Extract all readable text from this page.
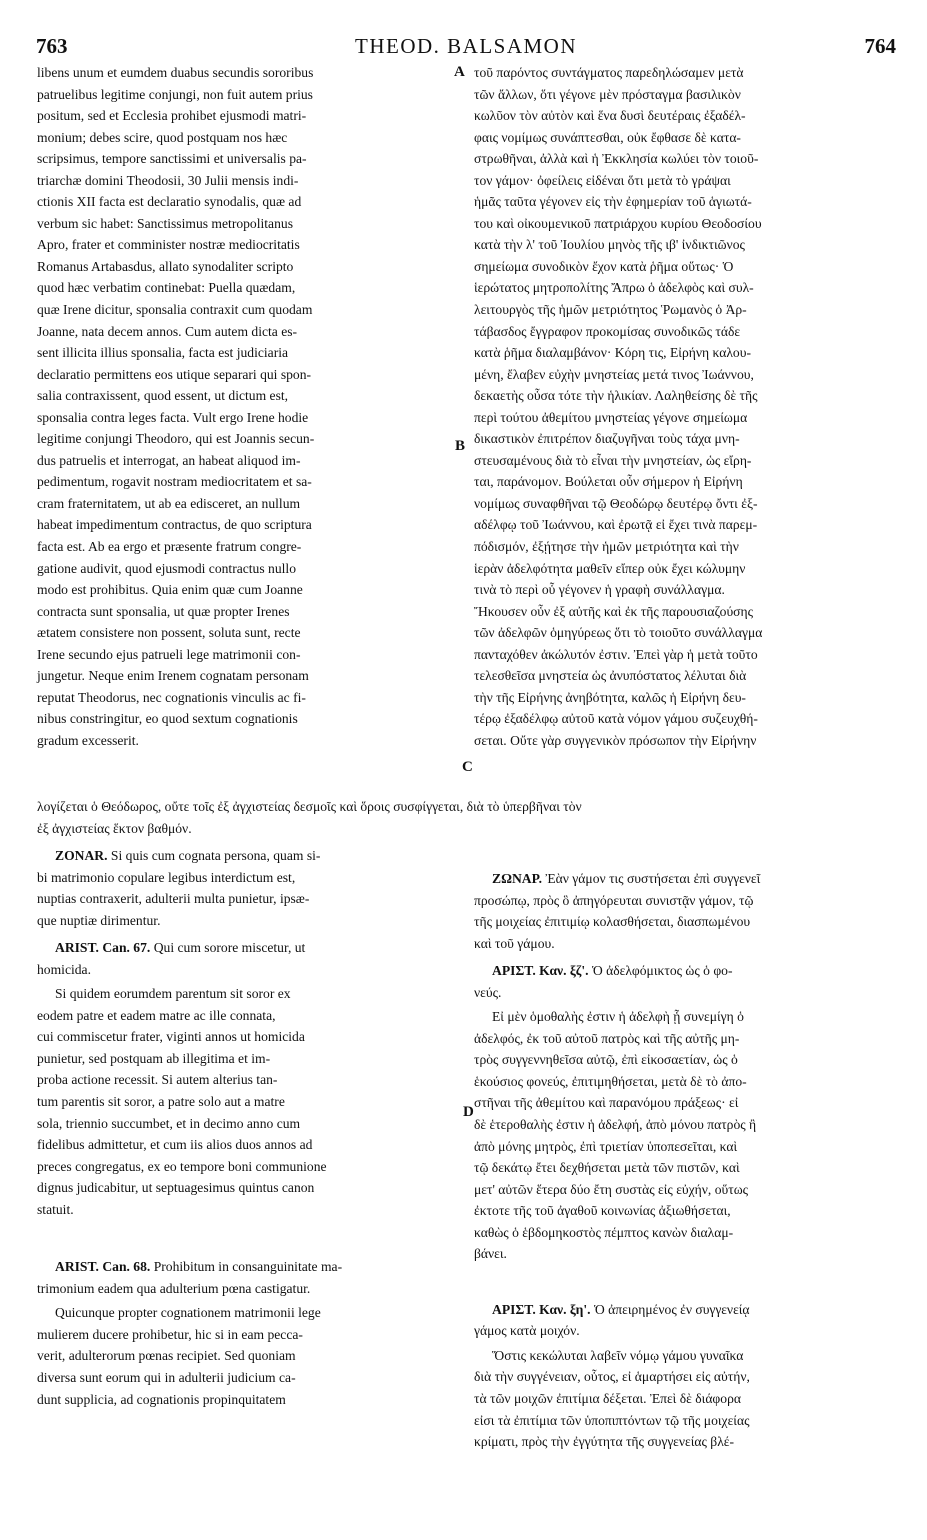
763	THEOD. BALSAMON	764
A
B
C
D

libens unum et eumdem duabus secundis sororibus
patruelibus legitime conjungi, non fuit autem prius
positum, sed et Ecclesia prohibet ejusmodi matri-
monium; debes scire, quod postquam nos hæc
scripsimus, tempore sanctissimi et universalis pa-
triarchæ domini Theodosii, 30 Julii mensis indi-
ctionis XII facta est declaratio synodalis, quæ ad
verbum sic habet: Sanctissimus metropolitanus
Apro, frater et comminister nostræ mediocritatis
Romanus Artabasdus, allato synodaliter scripto
quod hæc verbatim continebat: Puella quædam,
quæ Irene dicitur, sponsalia contraxit cum quodam
Joanne, nata decem annos. Cum autem dicta es-
sent illicita illius sponsalia, facta est judiciaria
declaratio permittens eos utique separari qui spon-
salia contraxissent, quod essent, ut dictum est,
sponsalia contra leges facta. Vult ergo Irene hodie
legitime conjungi Theodoro, qui est Joannis secun-
dus patruelis et interrogat, an habeat aliquod im-
pedimentum, rogavit nostram mediocritatem et sa-
cram fraternitatem, ut ab ea edisceret, an nullum
habeat impedimentum contractus, de quo scriptura
facta est. Ab ea ergo et præsente fratrum congre-
gatione audivit, quod ejusmodi contractus nullo
modo est prohibitus. Quia enim quæ cum Joanne
contracta sunt sponsalia, ut quæ propter Irenes
ætatem consistere non possent, soluta sunt, recte
Irene secundo ejus patrueli lege matrimonii con-
jungetur. Neque enim Irenem cognatam personam
reputat Theodorus, nec cognationis vinculis ac fi-
nibus constringitur, eo quod sextum cognationis
gradum excesserit.

τοῦ παρόντος συντάγματος παρεδηλώσαμεν μετὰ
τῶν ἄλλων, ὅτι γέγονε μὲν πρόσταγμα βασιλικὸν
κωλῦον τὸν αὐτὸν καὶ ἕνα δυσὶ δευτέραις ἐξαδέλ-
φαις νομίμως συνάπτεσθαι, οὐκ ἔφθασε δὲ κατα-
στρωθῆναι, ἀλλὰ καὶ ἡ Ἐκκλησία κωλύει τὸν τοιοῦ-
τον γάμον· ὀφείλεις εἰδέναι ὅτι μετὰ τὸ γράψαι
ἡμᾶς ταῦτα γέγονεν εἰς τὴν ἐφημερίαν τοῦ ἁγιωτά-
του καὶ οἰκουμενικοῦ πατριάρχου κυρίου Θεοδοσίου
κατὰ τὴν λ' τοῦ Ἰουλίου μηνὸς τῆς ιβ' ἰνδικτιῶνος
σημείωμα συνοδικὸν ἔχον κατὰ ῥῆμα οὕτως· Ὁ
ἱερώτατος μητροπολίτης Ἄπρω ὁ ἀδελφὸς καὶ συλ-
λειτουργὸς τῆς ἡμῶν μετριότητος Ῥωμανὸς ὁ Ἀρ-
τάβασδος ἔγγραφον προκομίσας συνοδικῶς τάδε
κατὰ ῥῆμα διαλαμβάνον· Κόρη τις, Εἰρήνη καλου-
μένη, ἔλαβεν εὐχὴν μνηστείας μετά τινος Ἰωάννου,
δεκαετὴς οὖσα τότε τὴν ἡλικίαν. Λαληθείσης δὲ τῆς
περὶ τούτου ἀθεμίτου μνηστείας γέγονε σημείωμα
δικαστικὸν ἐπιτρέπον διαζυγῆναι τοὺς τάχα μνη-
στευσαμένους διὰ τὸ εἶναι τὴν μνηστείαν, ὡς εἴρη-
ται, παράνομον. Βούλεται οὖν σήμερον ἡ Εἰρήνη
νομίμως συναφθῆναι τῷ Θεοδώρῳ δευτέρῳ ὄντι ἐξ-
αδέλφῳ τοῦ Ἰωάννου, καὶ ἐρωτᾷ εἰ ἔχει τινὰ παρεμ-
πόδισμόν, ἐξῄτησε τὴν ἡμῶν μετριότητα καὶ τὴν
ἱερὰν ἀδελφότητα μαθεῖν εἴπερ οὐκ ἔχει κώλυμην
τινὰ τὸ περὶ οὗ γέγονεν ἡ γραφὴ συνάλλαγμα.
Ἤκουσεν οὖν ἐξ αὐτῆς καὶ ἐκ τῆς παρουσιαζούσης
τῶν ἀδελφῶν ὁμηγύρεως ὅτι τὸ τοιοῦτο συνάλλαγμα
πανταχόθεν ἀκώλυτόν ἐστιν. Ἐπεὶ γὰρ ἡ μετὰ τοῦτο
τελεσθεῖσα μνηστεία ὡς ἀνυπόστατος λέλυται διὰ
τὴν τῆς Εἰρήνης ἀνηβότητα, καλῶς ἡ Εἰρήνη δευ-
τέρῳ ἐξαδέλφῳ αὐτοῦ κατὰ νόμον γάμου συζευχθή-
σεται. Οὔτε γὰρ συγγενικὸν πρόσωπον τὴν Εἰρήνην

λογίζεται ὁ Θεόδωρος, οὔτε τοῖς ἐξ ἀγχιστείας δεσμοῖς καὶ ὅροις συσφίγγεται, διὰ τὸ ὑπερβῆναι τὸν
ἐξ ἀγχιστείας ἕκτον βαθμόν.

ZONAR. Si quis cum cognata persona, quam si-
bi matrimonio copulare legibus interdictum est,
nuptias contraxerit, adulterii multa punietur, ipsæ-
que nuptiæ dirimentur.

ARIST. Can. 67. Qui cum sorore miscetur, ut
homicida.

Si quidem eorumdem parentum sit soror ex
eodem patre et eadem matre ac ille connata,
cui commiscetur frater, viginti annos ut homicida
punietur, sed postquam ab illegitima et im-
proba actione recessit. Si autem alterius tan-
tum parentis sit soror, a patre solo aut a matre
sola, triennio succumbet, et in decimo anno cum
fidelibus admittetur, et cum iis alios duos annos ad
preces congregatus, ex eo tempore boni communione
dignus judicabitur, ut septuagesimus quintus canon
statuit.

ARIST. Can. 68. Prohibitum in consanguinitate ma-
trimonium eadem qua adulterium pœna castigatur.

Quicunque propter cognationem matrimonii lege
mulierem ducere prohibetur, hic si in eam pecca-
verit, adulterorum pœnas recipiet. Sed quoniam
diversa sunt eorum qui in adulterii judicium ca-
dunt supplicia, ad cognationis propinquitatem

ΖΩΝΑΡ. Ἐὰν γάμον τις συστήσεται ἐπὶ συγγενεῖ
προσώπῳ, πρὸς ὃ ἀπηγόρευται συνιστᾷν γάμον, τῷ
τῆς μοιχείας ἐπιτιμίῳ κολασθήσεται, διασπωμένου
καὶ τοῦ γάμου.

ΑΡΙΣΤ. Καν. ξζ'. Ὁ ἀδελφόμικτος ὡς ὁ φο-
νεύς.

Εἰ μὲν ὁμοθαλὴς ἐστιν ἡ ἀδελφὴ ᾗ συνεμίγη ὁ
ἀδελφός, ἐκ τοῦ αὐτοῦ πατρὸς καὶ τῆς αὐτῆς μη-
τρὸς συγγεννηθεῖσα αὐτῷ, ἐπὶ εἰκοσαετίαν, ὡς ὁ
ἑκούσιος φονεύς, ἐπιτιμηθήσεται, μετὰ δὲ τὸ ἀπο-
στῆναι τῆς ἀθεμίτου καὶ παρανόμου πράξεως· εἰ
δὲ ἑτεροθαλὴς ἐστιν ἡ ἀδελφή, ἀπὸ μόνου πατρὸς ἢ
ἀπὸ μόνης μητρὸς, ἐπὶ τριετίαν ὑποπεσεῖται, καὶ
τῷ δεκάτῳ ἔτει δεχθήσεται μετὰ τῶν πιστῶν, καὶ
μετ' αὐτῶν ἕτερα δύο ἔτη συστὰς εἰς εὐχήν, οὕτως
ἐκτοτε τῆς τοῦ ἀγαθοῦ κοινωνίας ἀξιωθήσεται,
καθὼς ὁ ἑβδομηκοστὸς πέμπτος κανὼν διαλαμ-
βάνει.

ΑΡΙΣΤ. Καν. ξη'. Ὁ ἀπειρημένος ἐν συγγενείᾳ
γάμος κατὰ μοιχόν.

Ὅστις κεκώλυται λαβεῖν νόμῳ γάμου γυναῖκα
διὰ τὴν συγγένειαν, οὗτος, εἰ ἁμαρτήσει εἰς αὐτήν,
τὰ τῶν μοιχῶν ἐπιτίμια δέξεται. Ἐπεὶ δὲ διάφορα
εἰσι τὰ ἐπιτίμια τῶν ὑποπιπτόντων τῷ τῆς μοιχείας
κρίματι, πρὸς τὴν ἐγγύτητα τῆς συγγενείας βλέ-
